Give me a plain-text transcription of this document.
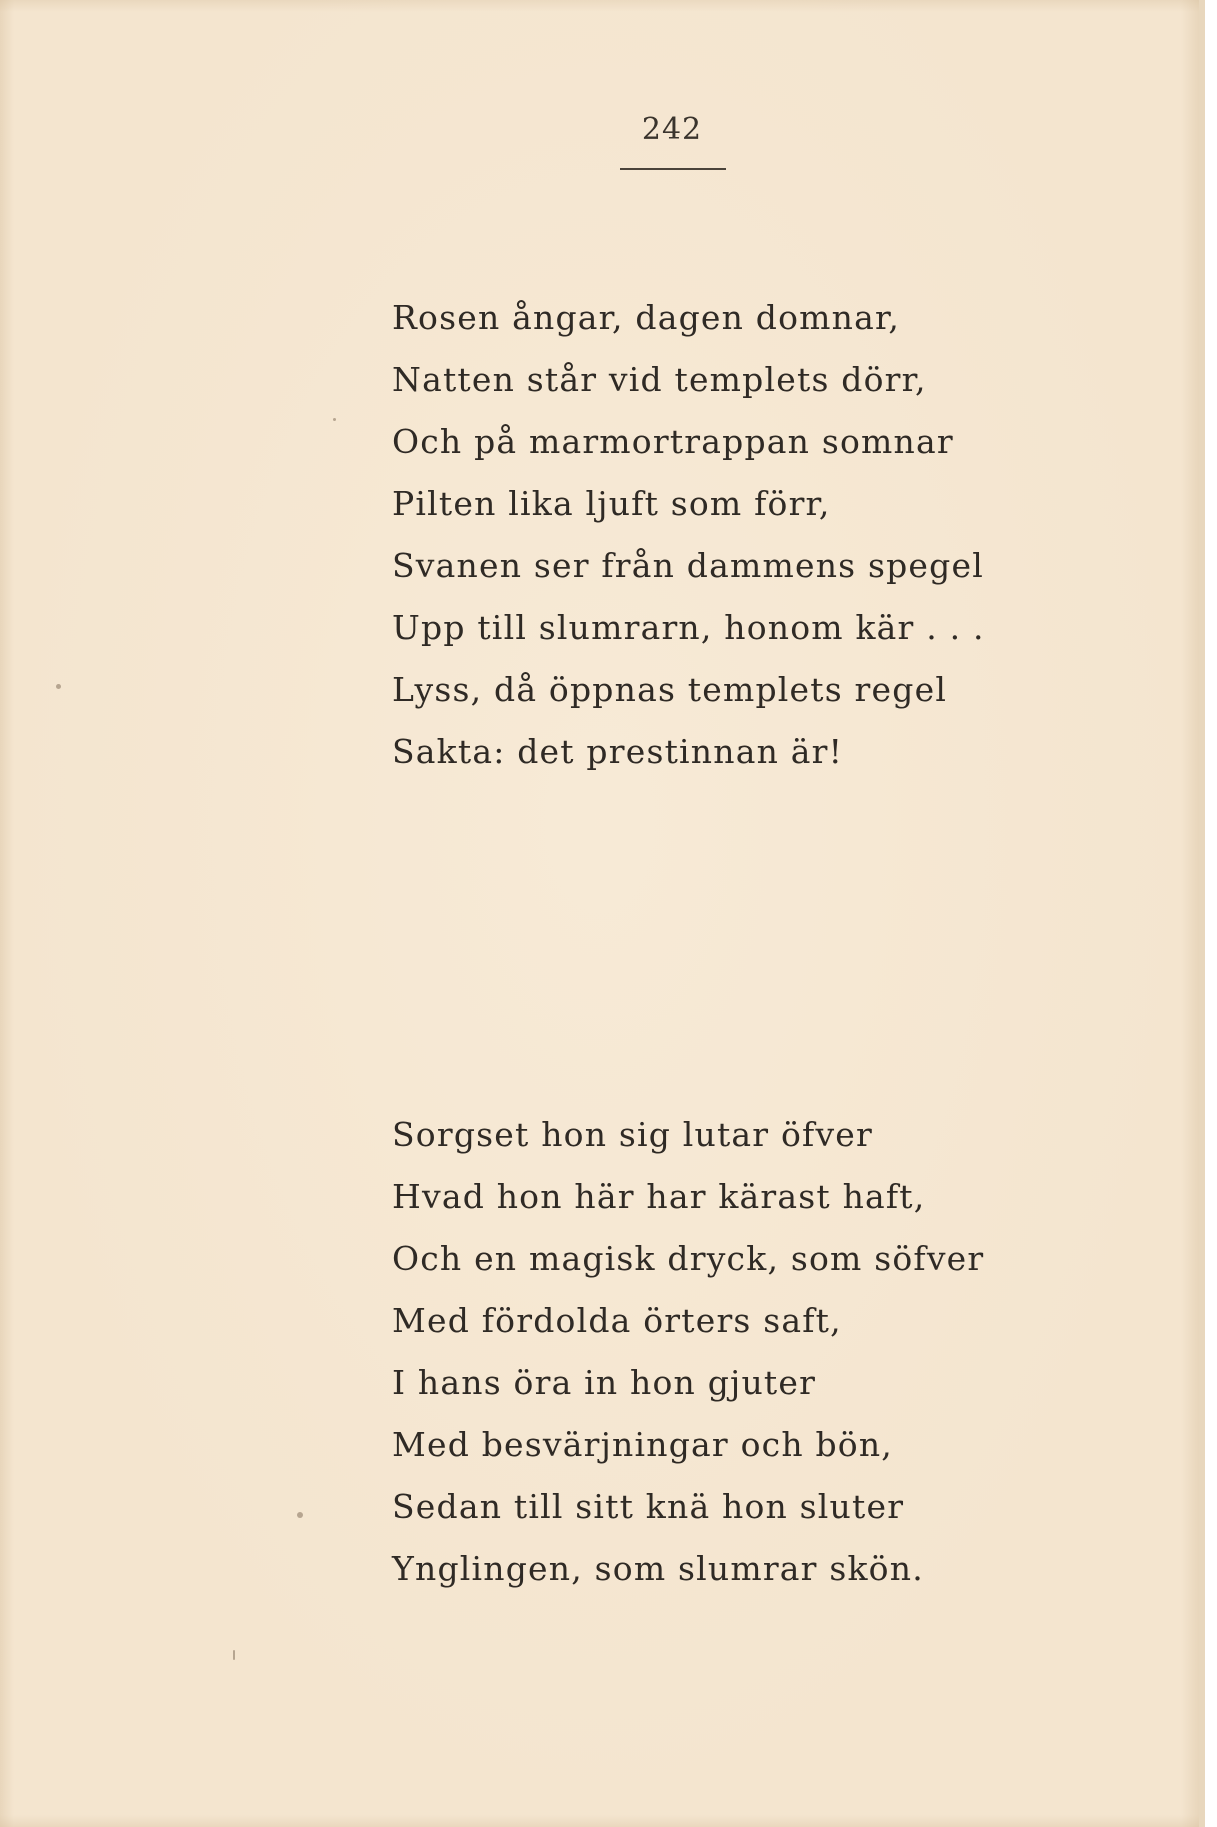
242
Rosen ångar, dagen domnar,
Natten står vid templets dörr,
Och på marmortrappan somnar
Pilten lika ljuft som förr,
Svanen ser från dammens spegel
Upp till slumrarn, honom kär . . .
Lyss, då öppnas templets regel
Sakta: det prestinnan är!
Sorgset hon sig lutar öfver
Hvad hon här har kärast haft,
Och en magisk dryck, som söfver
Med fördolda örters saft,
I hans öra in hon gjuter
Med besvärjningar och bön,
Sedan till sitt knä hon sluter
Ynglingen, som slumrar skön.
